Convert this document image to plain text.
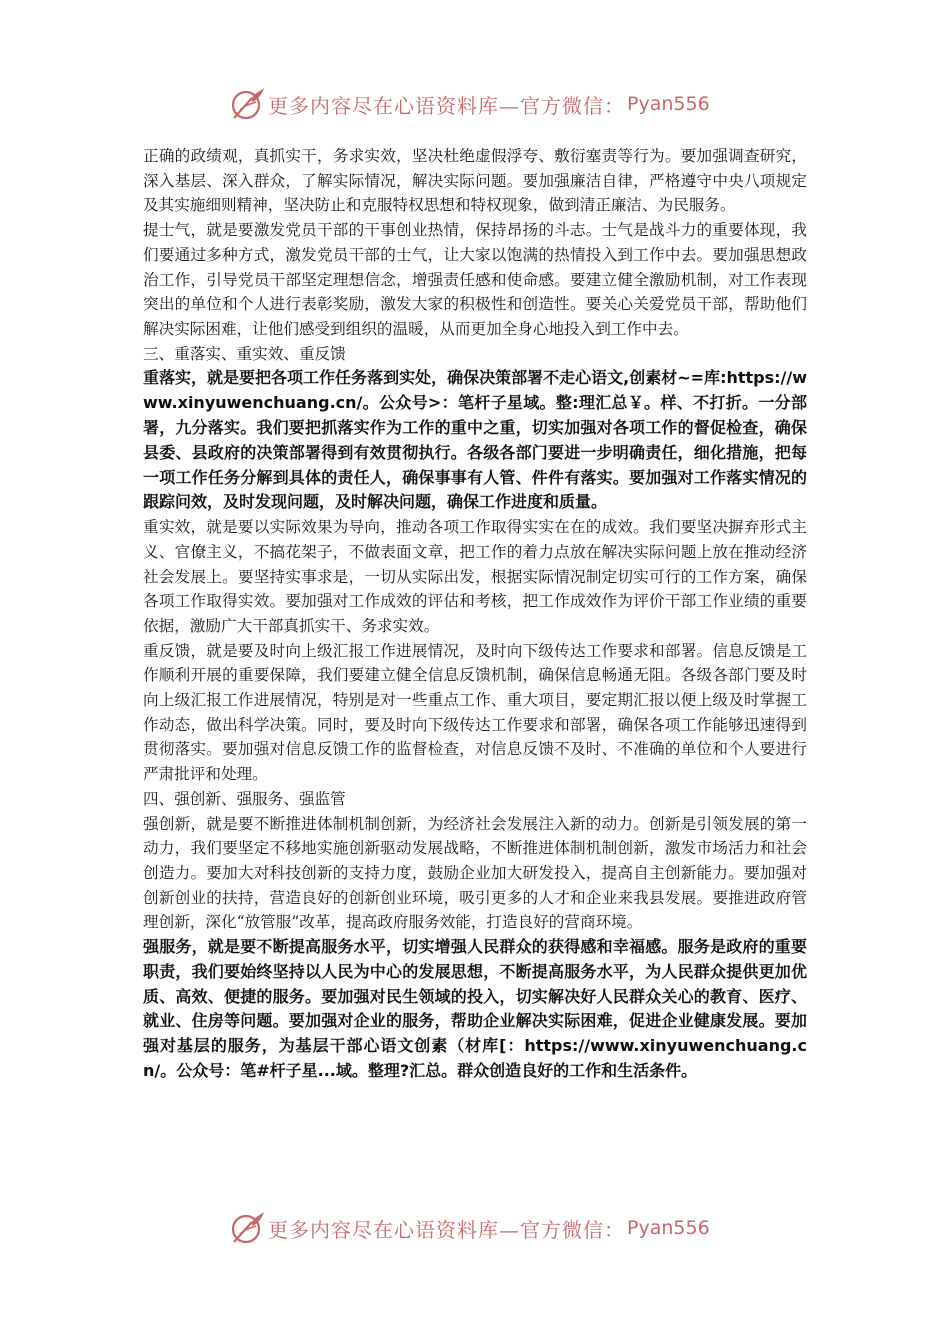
更多内容尽在心语资料库—官方微信： Pyan556

正确的政绩观，真抓实干，务求实效，坚决杜绝虚假浮夸、敷衍塞责等行为。要加强调查研究，深入基层、深入群众，了解实际情况，解决实际问题。要加强廉洁自律，严格遵守中央八项规定及其实施细则精神，坚决防止和克服特权思想和特权现象，做到清正廉洁、为民服务。

提士气，就是要激发党员干部的干事创业热情，保持昂扬的斗志。士气是战斗力的重要体现，我们要通过多种方式，激发党员干部的士气，让大家以饱满的热情投入到工作中去。要加强思想政治工作，引导党员干部坚定理想信念，增强责任感和使命感。要建立健全激励机制，对工作表现突出的单位和个人进行表彰奖励，激发大家的积极性和创造性。要关心关爱党员干部，帮助他们解决实际困难，让他们感受到组织的温暖，从而更加全身心地投入到工作中去。

三、重落实、重实效、重反馈

重落实，就是要把各项工作任务落到实处，确保决策部署不走心语文,创素材~=库:https://www.xinyuwenchuang.cn/。公众号>：笔杆子星域。整:理汇总￥。样、不打折。一分部署，九分落实。我们要把抓落实作为工作的重中之重，切实加强对各项工作的督促检查，确保县委、县政府的决策部署得到有效贯彻执行。各级各部门要进一步明确责任，细化措施，把每一项工作任务分解到具体的责任人，确保事事有人管、件件有落实。要加强对工作落实情况的跟踪问效，及时发现问题，及时解决问题，确保工作进度和质量。

重实效，就是要以实际效果为导向，推动各项工作取得实实在在的成效。我们要坚决摒弃形式主义、官僚主义，不搞花架子，不做表面文章，把工作的着力点放在解决实际问题上放在推动经济社会发展上。要坚持实事求是，一切从实际出发，根据实际情况制定切实可行的工作方案，确保各项工作取得实效。要加强对工作成效的评估和考核，把工作成效作为评价干部工作业绩的重要依据，激励广大干部真抓实干、务求实效。

重反馈，就是要及时向上级汇报工作进展情况，及时向下级传达工作要求和部署。信息反馈是工作顺利开展的重要保障，我们要建立健全信息反馈机制，确保信息畅通无阻。各级各部门要及时向上级汇报工作进展情况，特别是对一些重点工作、重大项目，要定期汇报以便上级及时掌握工作动态，做出科学决策。同时，要及时向下级传达工作要求和部署，确保各项工作能够迅速得到贯彻落实。要加强对信息反馈工作的监督检查，对信息反馈不及时、不准确的单位和个人要进行严肃批评和处理。

四、强创新、强服务、强监管

强创新，就是要不断推进体制机制创新，为经济社会发展注入新的动力。创新是引领发展的第一动力，我们要坚定不移地实施创新驱动发展战略，不断推进体制机制创新，激发市场活力和社会创造力。要加大对科技创新的支持力度，鼓励企业加大研发投入，提高自主创新能力。要加强对创新创业的扶持，营造良好的创新创业环境，吸引更多的人才和企业来我县发展。要推进政府管理创新，深化“放管服”改革，提高政府服务效能，打造良好的营商环境。

强服务，就是要不断提高服务水平，切实增强人民群众的获得感和幸福感。服务是政府的重要职责，我们要始终坚持以人民为中心的发展思想，不断提高服务水平，为人民群众提供更加优质、高效、便捷的服务。要加强对民生领域的投入，切实解决好人民群众关心的教育、医疗、就业、住房等问题。要加强对企业的服务，帮助企业解决实际困难，促进企业健康发展。要加强对基层的服务，为基层干部心语文创素（材库[：https://www.xinyuwenchuang.cn/。公众号：笔#杆子星...域。整理?汇总。群众创造良好的工作和生活条件。

更多内容尽在心语资料库—官方微信： Pyan556
